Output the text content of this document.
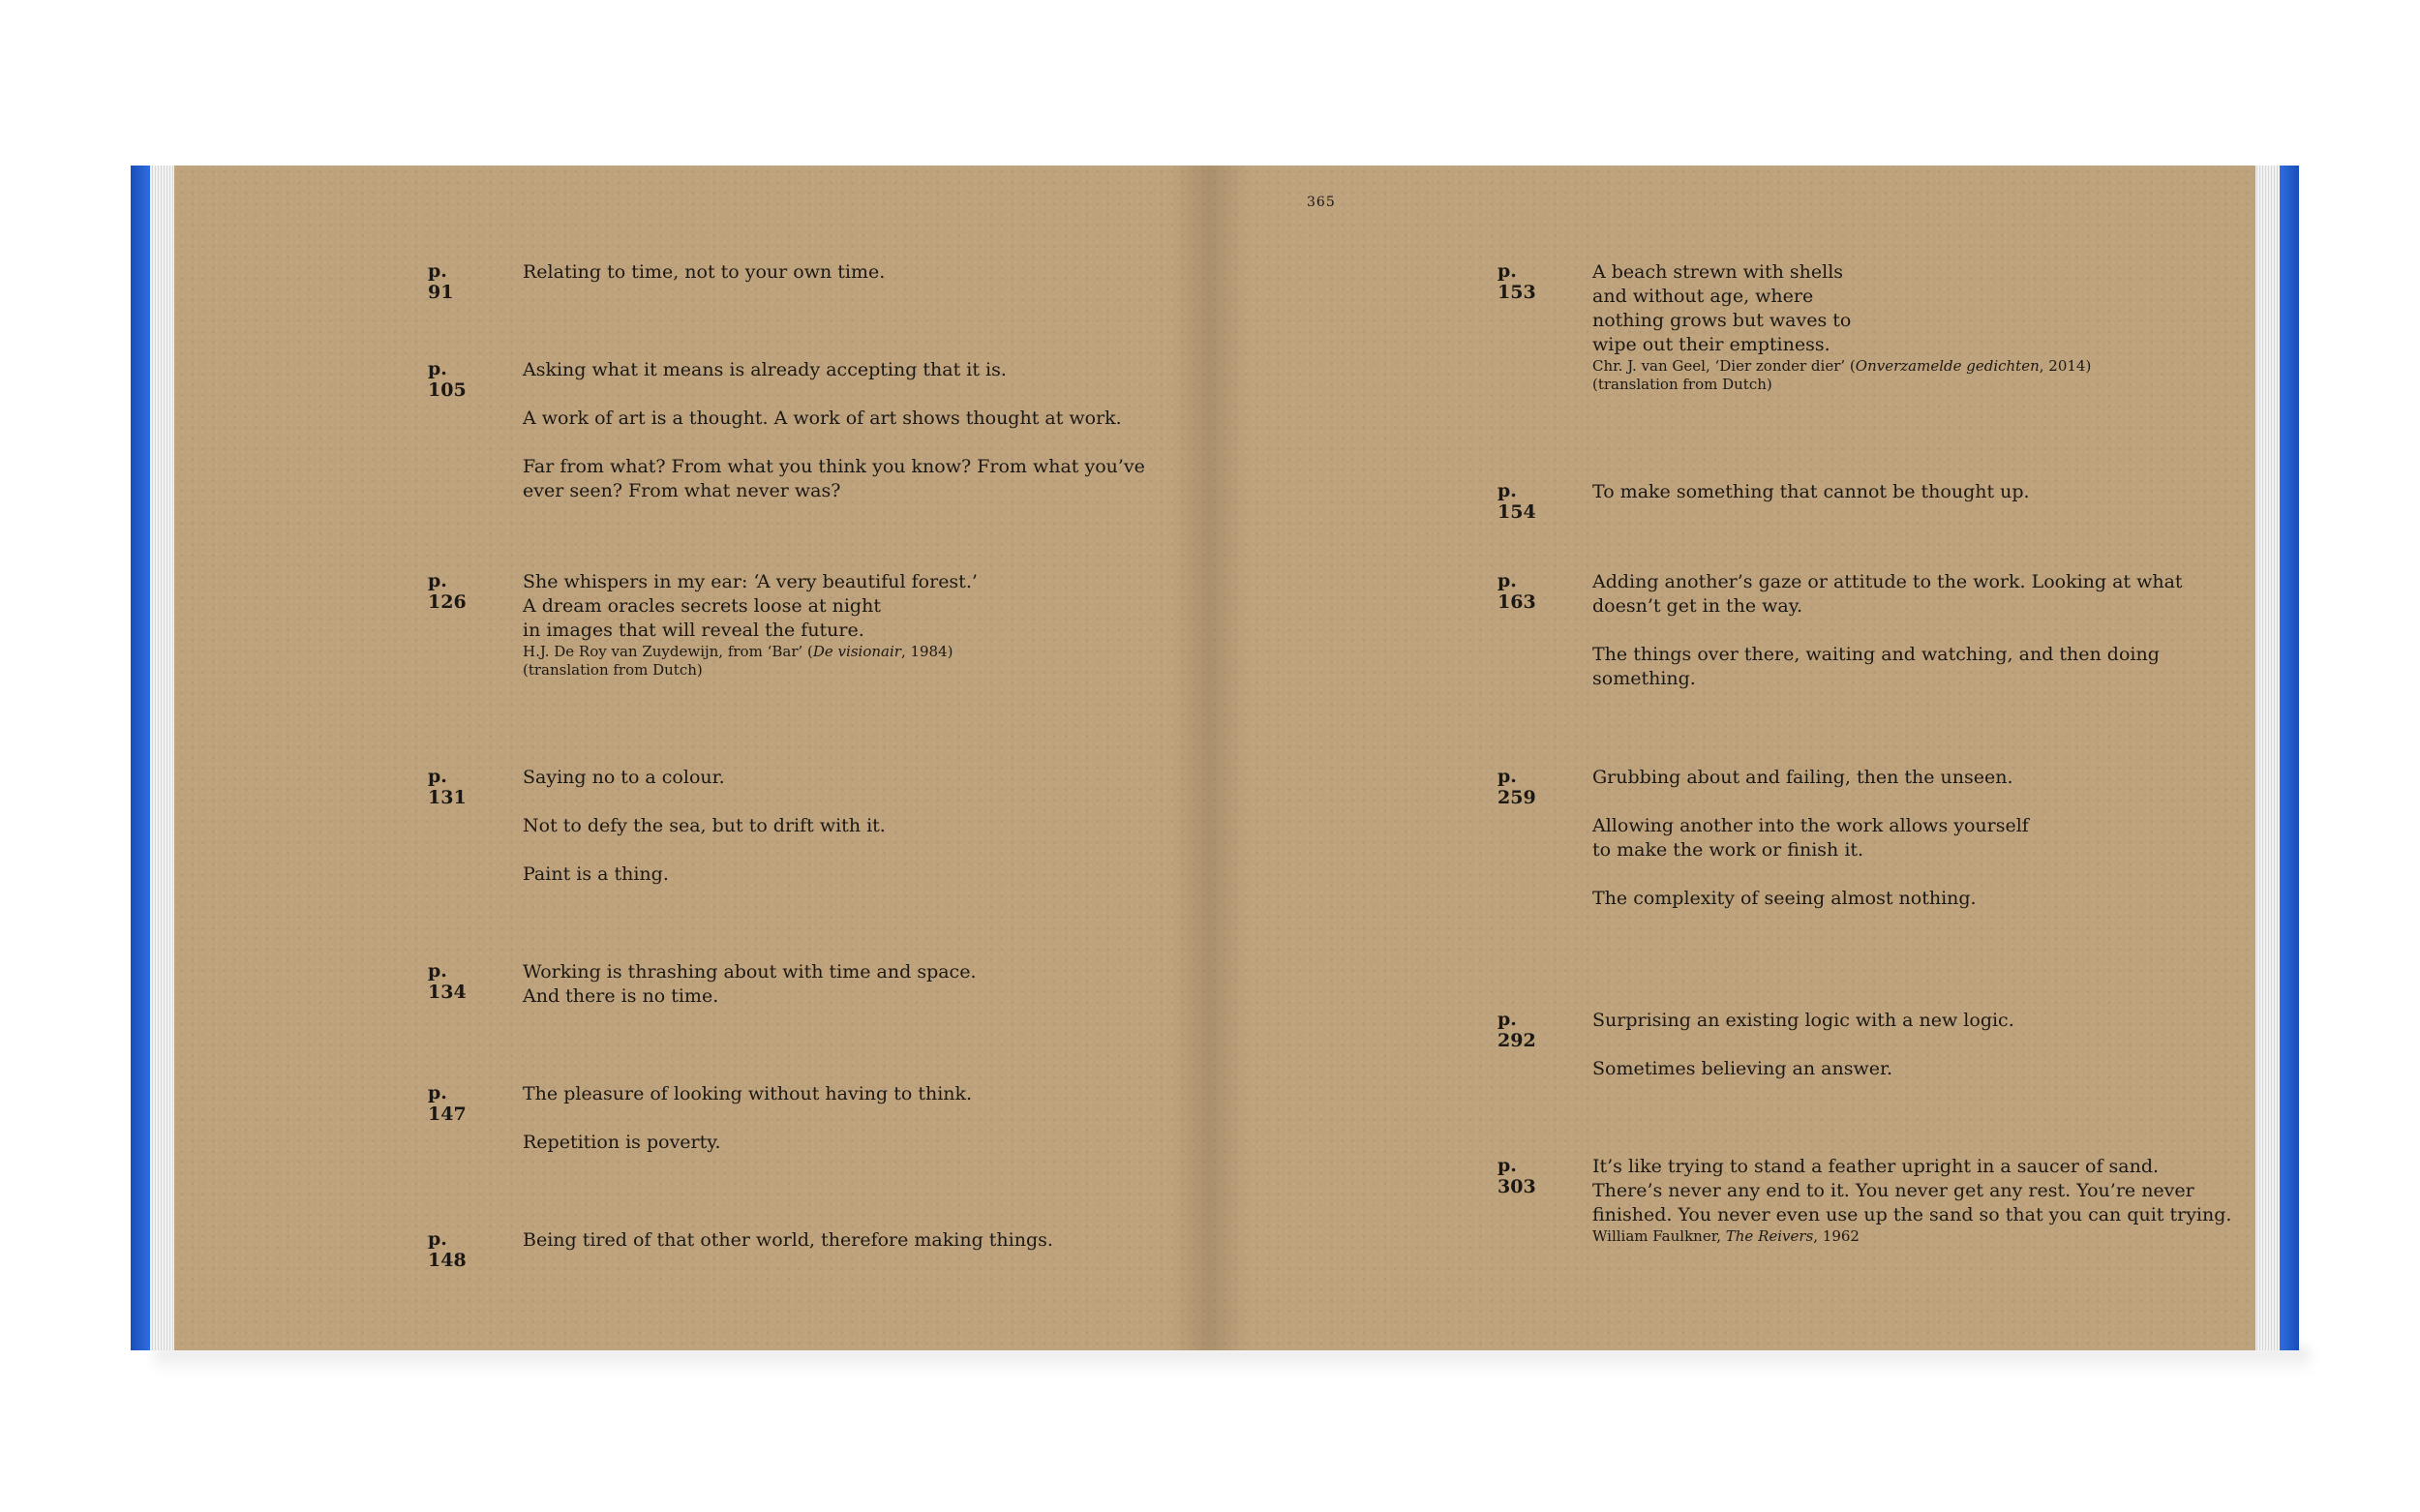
365
p. 91
Relating to time, not to your own time.
p. 105
Asking what it means is already accepting that it is.
A work of art is a thought. A work of art shows thought at work.
Far from what? From what you think you know? From what you’ve
ever seen? From what never was?
p. 126
She whispers in my ear: ‘A very beautiful forest.’
A dream oracles secrets loose at night
in images that will reveal the future.
H.J. De Roy van Zuydewijn, from ‘Bar’ (De visionair, 1984)
(translation from Dutch)
p. 131
Saying no to a colour.
Not to defy the sea, but to drift with it.
Paint is a thing.
p. 134
Working is thrashing about with time and space.
And there is no time.
p. 147
The pleasure of looking without having to think.
Repetition is poverty.
p. 148
Being tired of that other world, therefore making things.
p. 153
A beach strewn with shells
and without age, where
nothing grows but waves to
wipe out their emptiness.
Chr. J. van Geel, ‘Dier zonder dier’ (Onverzamelde gedichten, 2014)
(translation from Dutch)
p. 154
To make something that cannot be thought up.
p. 163
Adding another’s gaze or attitude to the work. Looking at what
doesn’t get in the way.
The things over there, waiting and watching, and then doing
something.
p. 259
Grubbing about and failing, then the unseen.
Allowing another into the work allows yourself
to make the work or finish it.
The complexity of seeing almost nothing.
p. 292
Surprising an existing logic with a new logic.
Sometimes believing an answer.
p. 303
It’s like trying to stand a feather upright in a saucer of sand.
There’s never any end to it. You never get any rest. You’re never
finished. You never even use up the sand so that you can quit trying.
William Faulkner, The Reivers, 1962
